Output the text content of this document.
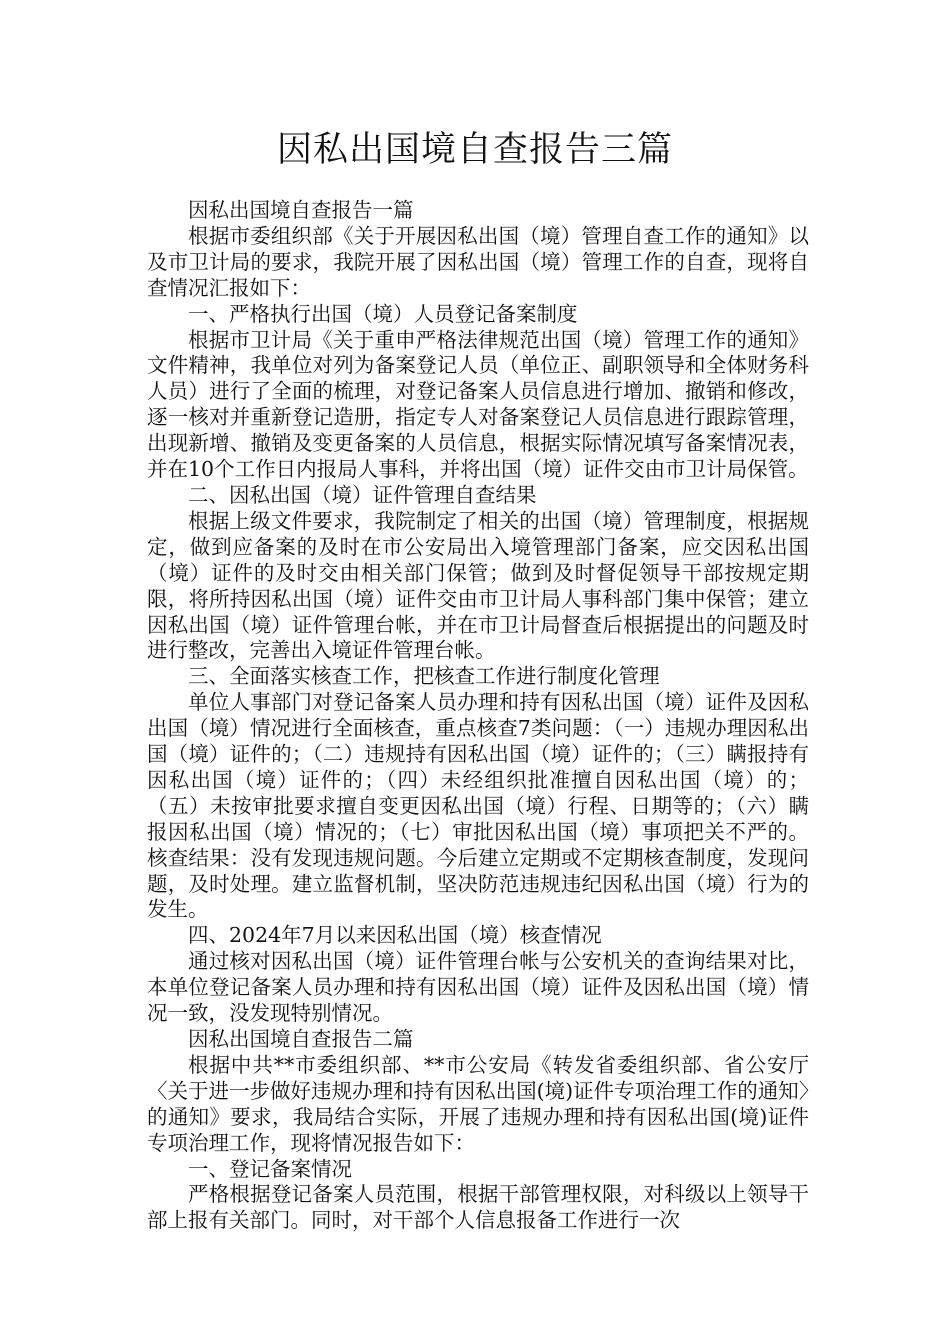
因私出国境自查报告三篇

因私出国境自查报告一篇

根据市委组织部《关于开展因私出国（境）管理自查工作的通知》以及市卫计局的要求，我院开展了因私出国（境）管理工作的自查，现将自查情况汇报如下：

一、严格执行出国（境）人员登记备案制度

根据市卫计局《关于重申严格法律规范出国（境）管理工作的通知》文件精神，我单位对列为备案登记人员（单位正、副职领导和全体财务科人员）进行了全面的梳理，对登记备案人员信息进行增加、撤销和修改，逐一核对并重新登记造册，指定专人对备案登记人员信息进行跟踪管理，出现新增、撤销及变更备案的人员信息，根据实际情况填写备案情况表，并在10个工作日内报局人事科，并将出国（境）证件交由市卫计局保管。

二、因私出国（境）证件管理自查结果

根据上级文件要求，我院制定了相关的出国（境）管理制度，根据规定，做到应备案的及时在市公安局出入境管理部门备案，应交因私出国（境）证件的及时交由相关部门保管；做到及时督促领导干部按规定期限，将所持因私出国（境）证件交由市卫计局人事科部门集中保管；建立因私出国（境）证件管理台帐，并在市卫计局督查后根据提出的问题及时进行整改，完善出入境证件管理台帐。

三、全面落实核查工作，把核查工作进行制度化管理

单位人事部门对登记备案人员办理和持有因私出国（境）证件及因私出国（境）情况进行全面核查，重点核查7类问题：（一）违规办理因私出国（境）证件的；（二）违规持有因私出国（境）证件的；（三）瞒报持有因私出国（境）证件的；（四）未经组织批准擅自因私出国（境）的；（五）未按审批要求擅自变更因私出国（境）行程、日期等的；（六）瞒报因私出国（境）情况的；（七）审批因私出国（境）事项把关不严的。核查结果：没有发现违规问题。今后建立定期或不定期核查制度，发现问题，及时处理。建立监督机制，坚决防范违规违纪因私出国（境）行为的发生。

四、2024年7月以来因私出国（境）核查情况

通过核对因私出国（境）证件管理台帐与公安机关的查询结果对比，本单位登记备案人员办理和持有因私出国（境）证件及因私出国（境）情况一致，没发现特别情况。

因私出国境自查报告二篇

根据中共**市委组织部、**市公安局《转发省委组织部、省公安厅〈关于进一步做好违规办理和持有因私出国(境)证件专项治理工作的通知〉的通知》要求，我局结合实际，开展了违规办理和持有因私出国(境)证件专项治理工作，现将情况报告如下：

一、登记备案情况

严格根据登记备案人员范围，根据干部管理权限，对科级以上领导干部上报有关部门。同时，对干部个人信息报备工作进行一次
